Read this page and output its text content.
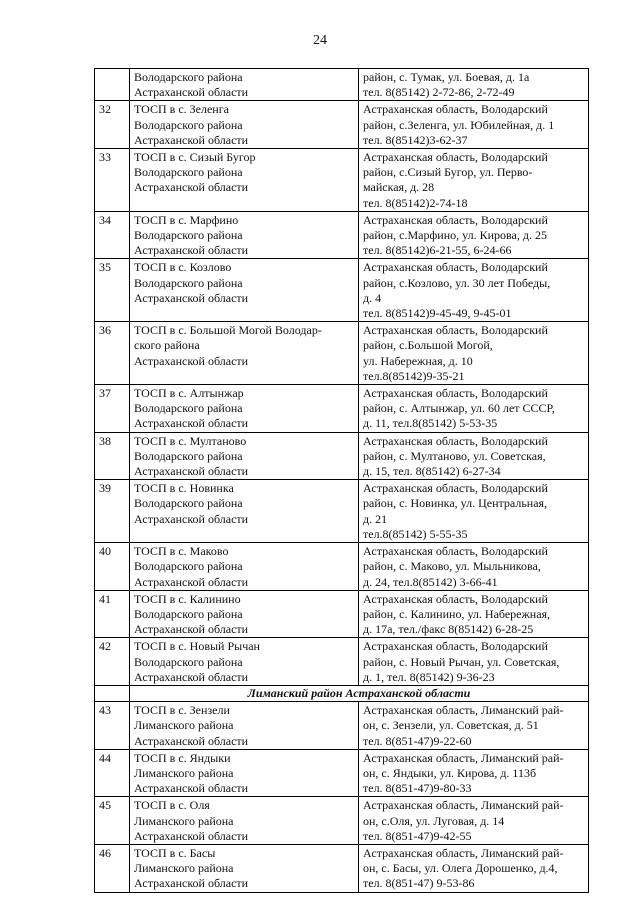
24

	Володарского района
Астраханской области	район, с. Тумак, ул. Боевая, д. 1а
тел. 8(85142) 2-72-86, 2-72-49

32	ТОСП в с. Зеленга
Володарского района
Астраханской области	Астраханская область, Володарский
район, с.Зеленга, ул. Юбилейная, д. 1
тел. 8(85142)3-62-37

33	ТОСП в с. Сизый Бугор
Володарского района
Астраханской области	Астраханская область, Володарский
район, с.Сизый Бугор, ул. Перво-
майская, д. 28
тел. 8(85142)2-74-18

34	ТОСП в с. Марфино
Володарского района
Астраханской области	Астраханская область, Володарский
район, с.Марфино, ул. Кирова, д. 25
тел. 8(85142)6-21-55, 6-24-66

35	ТОСП в с. Козлово
Володарского района
Астраханской области	Астраханская область, Володарский
район, с.Козлово, ул. 30 лет Победы,
д. 4
тел. 8(85142)9-45-49, 9-45-01

36	ТОСП в с. Большой Могой Володар-
ского района
Астраханской области	Астраханская область, Володарский
район, с.Большой Могой,
ул. Набережная, д. 10
тел.8(85142)9-35-21

37	ТОСП в с. Алтынжар
Володарского района
Астраханской области	Астраханская область, Володарский
район, с. Алтынжар, ул. 60 лет СССР,
д. 11, тел.8(85142) 5-53-35

38	ТОСП в с. Мултаново
Володарского района
Астраханской области	Астраханская область, Володарский
район, с. Мултаново, ул. Советская,
д. 15, тел. 8(85142) 6-27-34

39	ТОСП в с. Новинка
Володарского района
Астраханской области	Астраханская область, Володарский
район, с. Новинка, ул. Центральная,
д. 21
тел.8(85142) 5-55-35

40	ТОСП в с. Маково
Володарского района
Астраханской области	Астраханская область, Володарский
район, с. Маково, ул. Мыльникова,
д. 24, тел.8(85142) 3-66-41

41	ТОСП в с. Калинино
Володарского района
Астраханской области	Астраханская область, Володарский
район, с. Калинино, ул. Набережная,
д. 17а, тел./факс 8(85142) 6-28-25

42	ТОСП в с. Новый Рычан
Володарского района
Астраханской области	Астраханская область, Володарский
район, с. Новый Рычан, ул. Советская,
д. 1, тел. 8(85142) 9-36-23

	Лиманский район Астраханской области	
43	ТОСП в с. Зензели
Лиманского района
Астраханской области	Астраханская область, Лиманский рай-
он, с. Зензели, ул. Советская, д. 51
тел. 8(851-47)9-22-60

44	ТОСП в с. Яндыки
Лиманского района
Астраханской области	Астраханская область, Лиманский рай-
он, с. Яндыки, ул. Кирова, д. 113б
тел. 8(851-47)9-80-33

45	ТОСП в с. Оля
Лиманского района
Астраханской области	Астраханская область, Лиманский рай-
он, с.Оля, ул. Луговая, д. 14
тел. 8(851-47)9-42-55

46	ТОСП в с. Басы
Лиманского района
Астраханской области	Астраханская область, Лиманский рай-
он, с. Басы, ул. Олега Дорошенко, д.4,
тел. 8(851-47) 9-53-86
